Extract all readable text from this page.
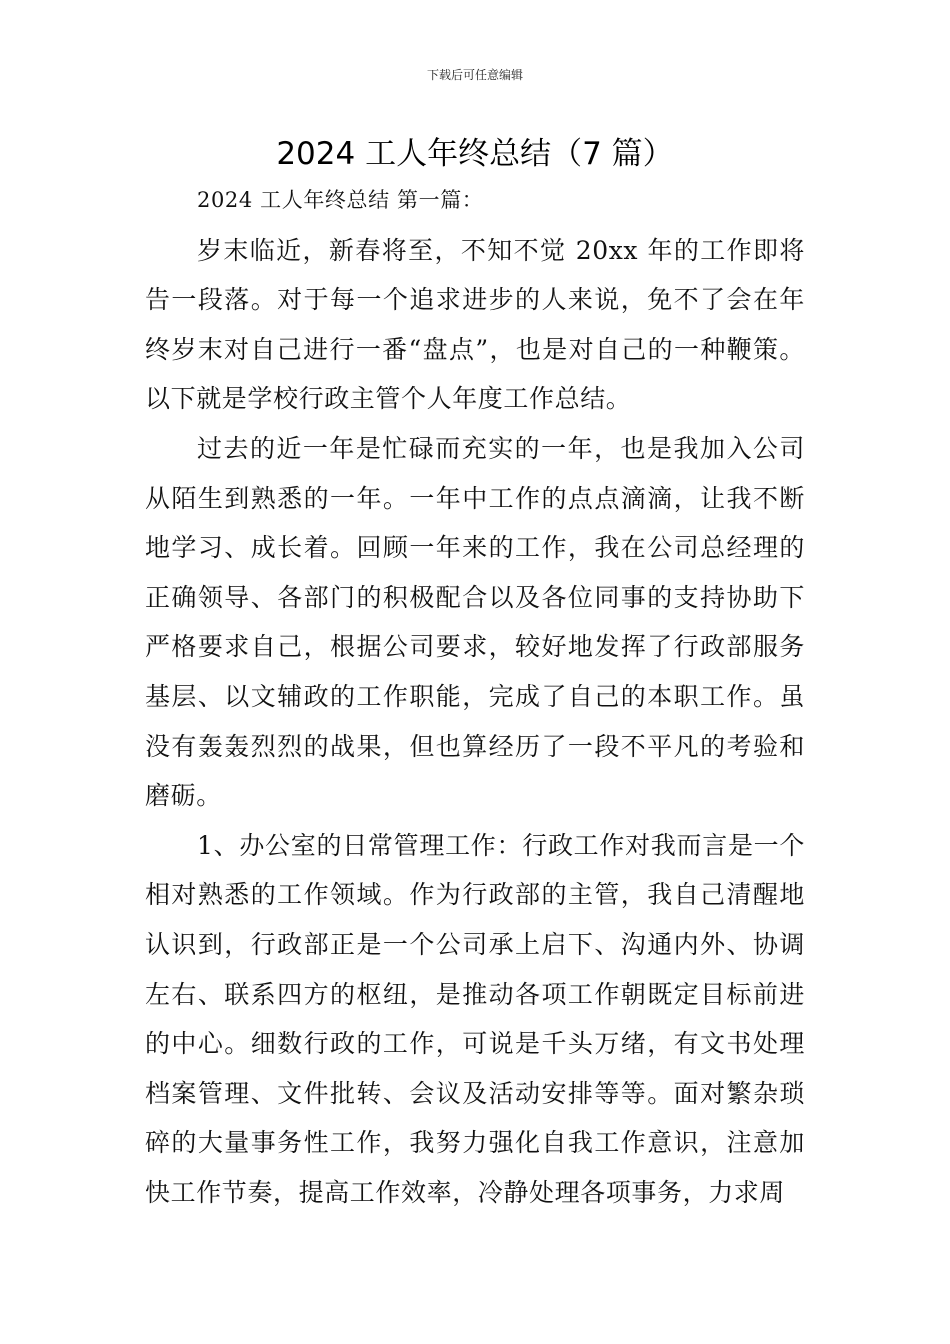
下载后可任意编辑
2024 工人年终总结（7 篇）

2024 工人年终总结 第一篇：

岁末临近，新春将至，不知不觉 20xx 年的工作即将告一段落。对于每一个追求进步的人来说，免不了会在年终岁末对自己进行一番“盘点”，也是对自己的一种鞭策。以下就是学校行政主管个人年度工作总结。

过去的近一年是忙碌而充实的一年，也是我加入公司从陌生到熟悉的一年。一年中工作的点点滴滴，让我不断地学习、成长着。回顾一年来的工作，我在公司总经理的正确领导、各部门的积极配合以及各位同事的支持协助下严格要求自己，根据公司要求，较好地发挥了行政部服务基层、以文辅政的工作职能，完成了自己的本职工作。虽没有轰轰烈烈的战果，但也算经历了一段不平凡的考验和磨砺。

1、办公室的日常管理工作：行政工作对我而言是一个相对熟悉的工作领域。作为行政部的主管，我自己清醒地认识到，行政部正是一个公司承上启下、沟通内外、协调左右、联系四方的枢纽，是推动各项工作朝既定目标前进的中心。细数行政的工作，可说是千头万绪，有文书处理档案管理、文件批转、会议及活动安排等等。面对繁杂琐碎的大量事务性工作，我努力强化自我工作意识，注意加快工作节奏，提高工作效率，冷静处理各项事务，力求周
